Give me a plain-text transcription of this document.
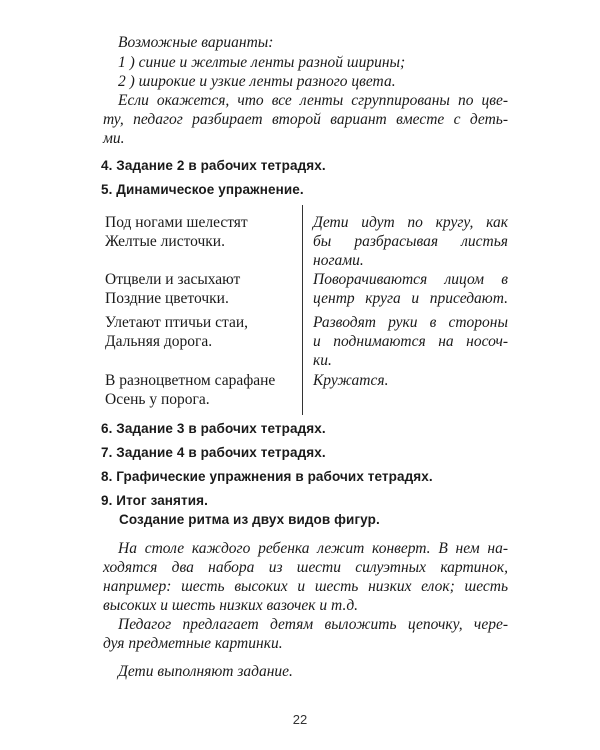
Возможные варианты:
1 ) синие и желтые ленты разной ширины;
2 ) широкие и узкие ленты разного цвета.
Если окажется, что все ленты сгруппированы по цве-
ту, педагог разбирает второй вариант вместе с деть-
ми.
4. Задание 2 в рабочих тетрадях.
5. Динамическое упражнение.
Под ногами шелестят
Желтые листочки.
Дети идут по кругу, как
бы разбрасывая листья
ногами.
Отцвели и засыхают
Поздние цветочки.
Поворачиваются лицом в
центр круга и приседают.
Улетают птичьи стаи,
Дальняя дорога.
Разводят руки в стороны
и поднимаются на носоч-
ки.
В разноцветном сарафане
Осень у порога.
Кружатся.
6. Задание 3 в рабочих тетрадях.
7. Задание 4 в рабочих тетрадях.
8. Графические упражнения в рабочих тетрадях.
9. Итог занятия.
Создание ритма из двух видов фигур.
На столе каждого ребенка лежит конверт. В нем на-
ходятся два набора из шести силуэтных картинок,
например: шесть высоких и шесть низких елок; шесть
высоких и шесть низких вазочек и т.д.
Педагог предлагает детям выложить цепочку, чере-
дуя предметные картинки.
Дети выполняют задание.
22
